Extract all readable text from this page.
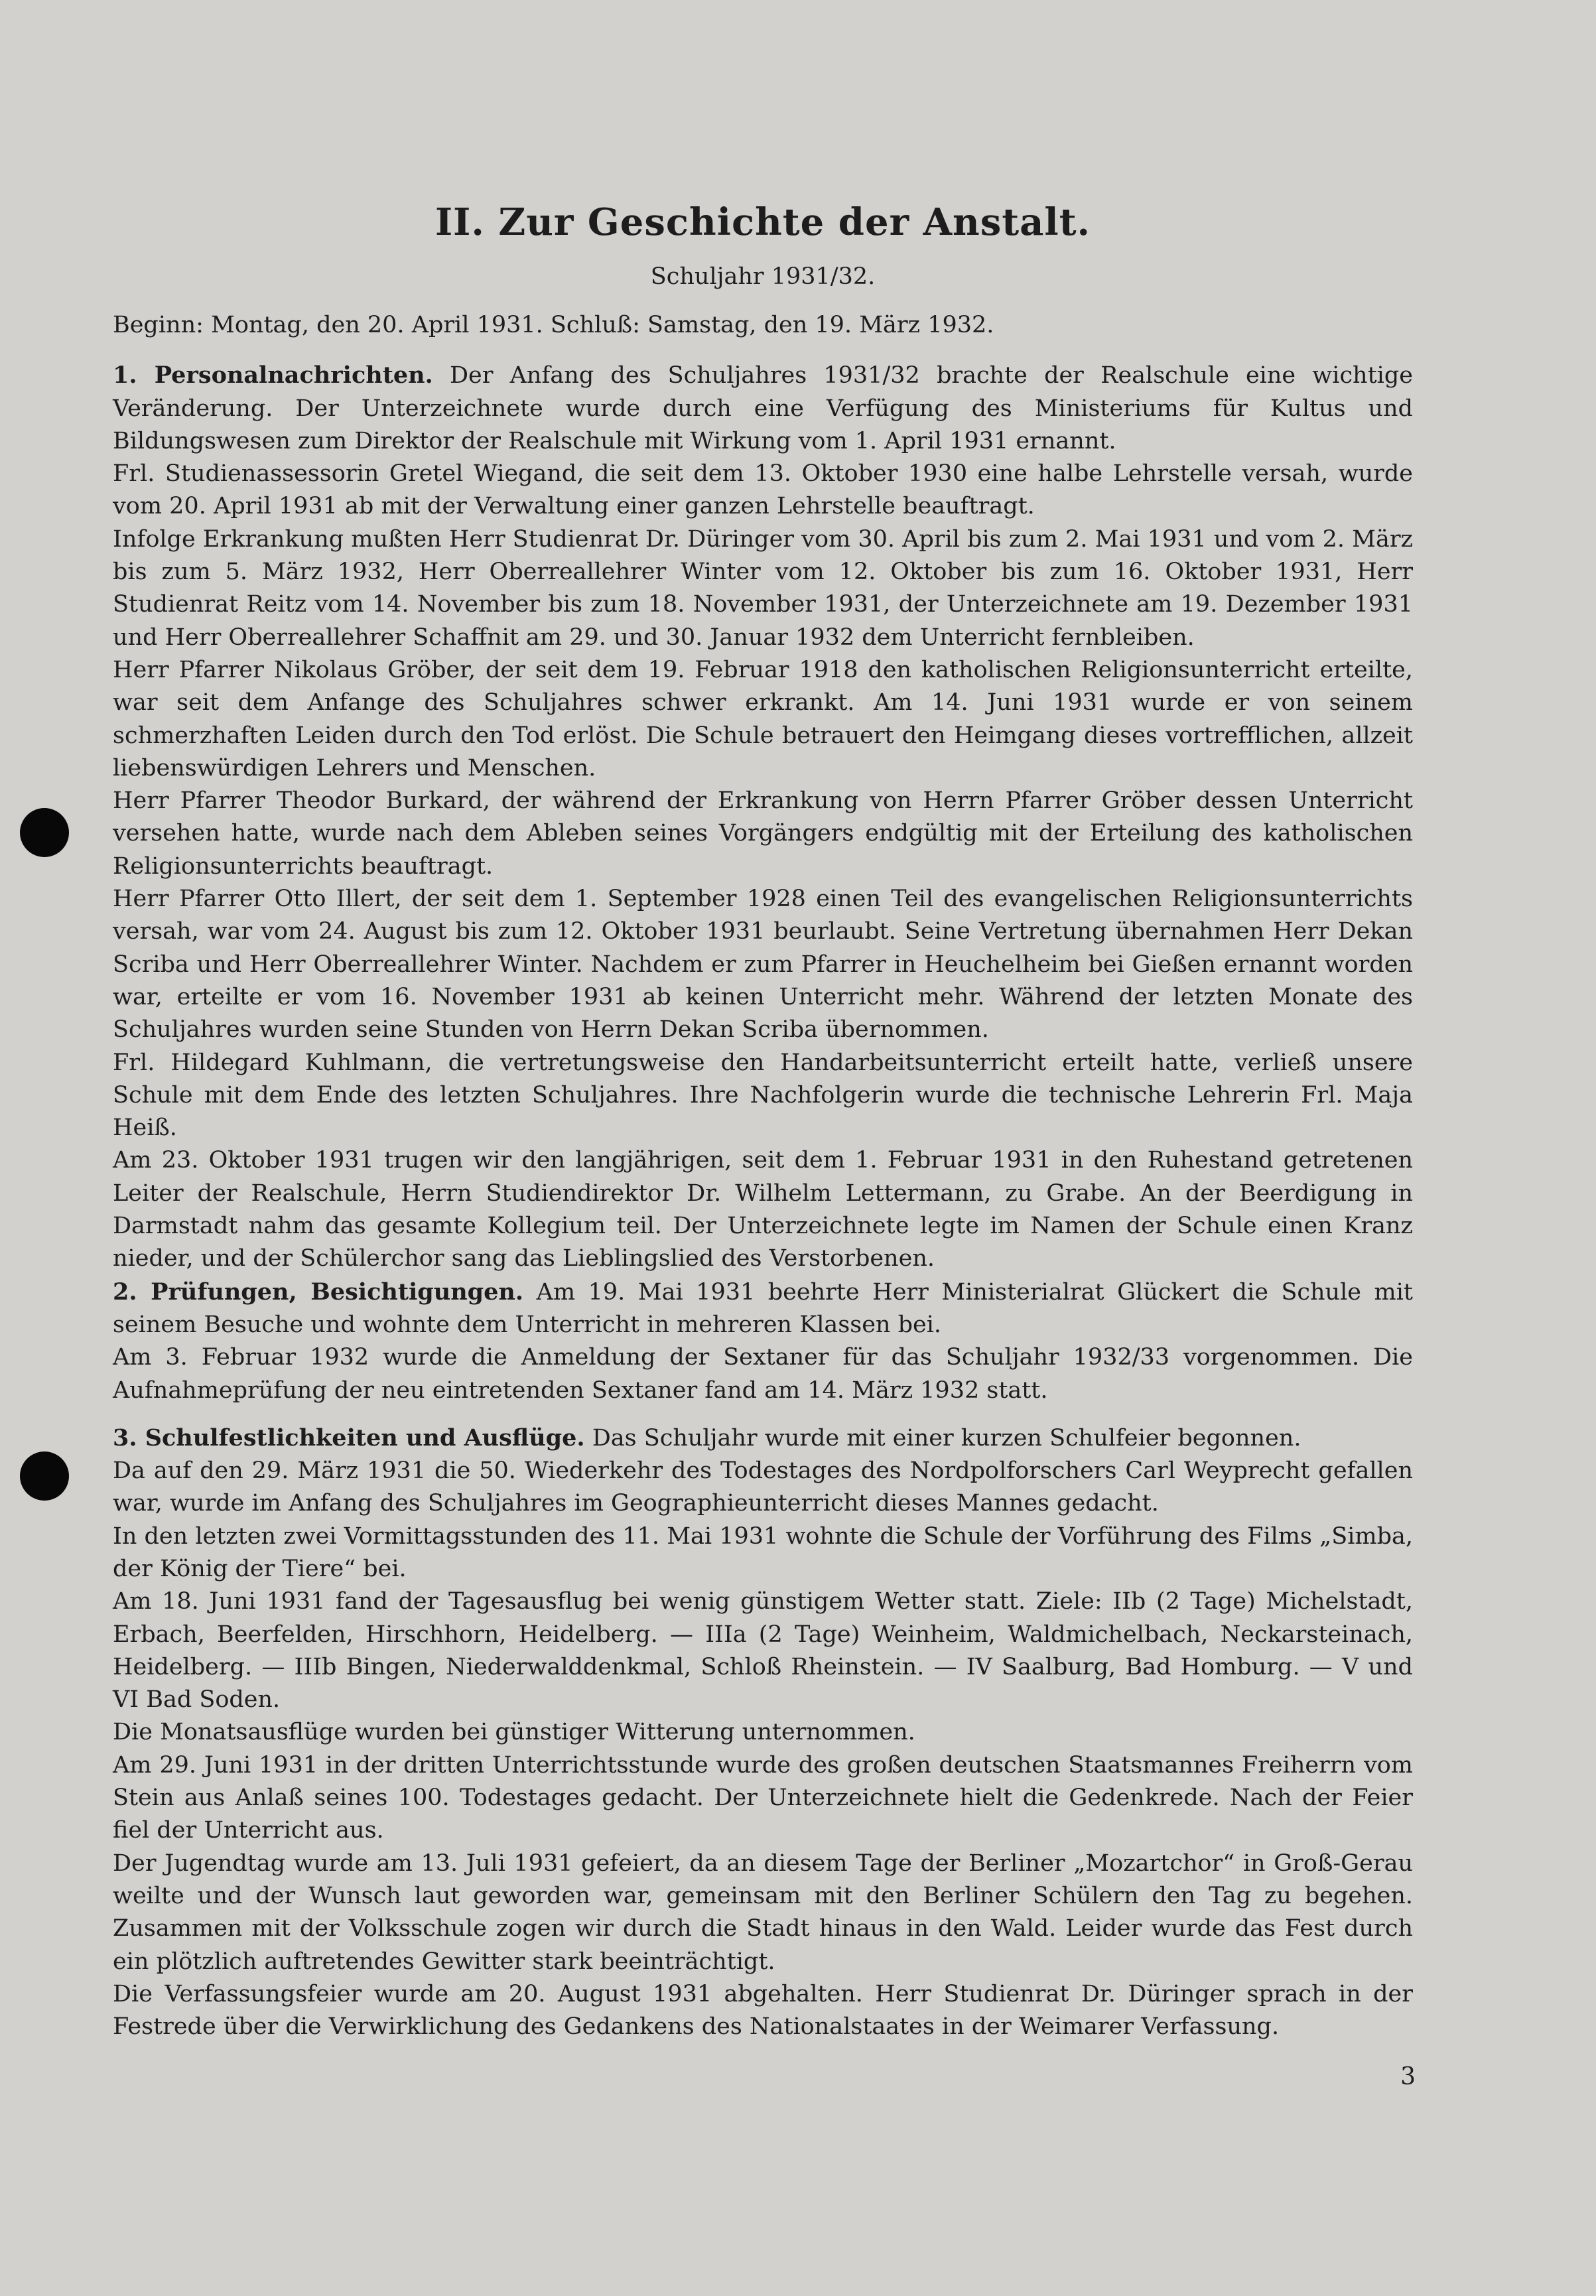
II. Zur Geschichte der Anstalt.
Schuljahr 1931/32.

Beginn: Montag, den 20. April 1931. Schluß: Samstag, den 19. März 1932.

1. Personalnachrichten. Der Anfang des Schuljahres 1931/32 brachte der Realschule eine wichtige Veränderung. Der Unterzeichnete wurde durch eine Verfügung des Ministeriums für Kultus und Bildungswesen zum Direktor der Realschule mit Wirkung vom 1. April 1931 ernannt.

Frl. Studienassessorin Gretel Wiegand, die seit dem 13. Oktober 1930 eine halbe Lehrstelle versah, wurde vom 20. April 1931 ab mit der Verwaltung einer ganzen Lehrstelle beauftragt.

Infolge Erkrankung mußten Herr Studienrat Dr. Düringer vom 30. April bis zum 2. Mai 1931 und vom 2. März bis zum 5. März 1932, Herr Oberreallehrer Winter vom 12. Oktober bis zum 16. Oktober 1931, Herr Studienrat Reitz vom 14. November bis zum 18. November 1931, der Unterzeichnete am 19. Dezember 1931 und Herr Oberreallehrer Schaffnit am 29. und 30. Januar 1932 dem Unterricht fernbleiben.

Herr Pfarrer Nikolaus Gröber, der seit dem 19. Februar 1918 den katholischen Religionsunterricht erteilte, war seit dem Anfange des Schuljahres schwer erkrankt. Am 14. Juni 1931 wurde er von seinem schmerzhaften Leiden durch den Tod erlöst. Die Schule betrauert den Heimgang dieses vortrefflichen, allzeit liebenswürdigen Lehrers und Menschen.

Herr Pfarrer Theodor Burkard, der während der Erkrankung von Herrn Pfarrer Gröber dessen Unterricht versehen hatte, wurde nach dem Ableben seines Vorgängers endgültig mit der Erteilung des katholischen Religionsunterrichts beauftragt.

Herr Pfarrer Otto Illert, der seit dem 1. September 1928 einen Teil des evangelischen Religionsunterrichts versah, war vom 24. August bis zum 12. Oktober 1931 beurlaubt. Seine Vertretung übernahmen Herr Dekan Scriba und Herr Oberreallehrer Winter. Nachdem er zum Pfarrer in Heuchelheim bei Gießen ernannt worden war, erteilte er vom 16. November 1931 ab keinen Unterricht mehr. Während der letzten Monate des Schuljahres wurden seine Stunden von Herrn Dekan Scriba übernommen.

Frl. Hildegard Kuhlmann, die vertretungsweise den Handarbeitsunterricht erteilt hatte, verließ unsere Schule mit dem Ende des letzten Schuljahres. Ihre Nachfolgerin wurde die technische Lehrerin Frl. Maja Heiß.

Am 23. Oktober 1931 trugen wir den langjährigen, seit dem 1. Februar 1931 in den Ruhestand getretenen Leiter der Realschule, Herrn Studiendirektor Dr. Wilhelm Lettermann, zu Grabe. An der Beerdigung in Darmstadt nahm das gesamte Kollegium teil. Der Unterzeichnete legte im Namen der Schule einen Kranz nieder, und der Schülerchor sang das Lieblingslied des Verstorbenen.

2. Prüfungen, Besichtigungen. Am 19. Mai 1931 beehrte Herr Ministerialrat Glückert die Schule mit seinem Besuche und wohnte dem Unterricht in mehreren Klassen bei.

Am 3. Februar 1932 wurde die Anmeldung der Sextaner für das Schuljahr 1932/33 vorgenommen. Die Aufnahmeprüfung der neu eintretenden Sextaner fand am 14. März 1932 statt.

3. Schulfestlichkeiten und Ausflüge. Das Schuljahr wurde mit einer kurzen Schulfeier begonnen.

Da auf den 29. März 1931 die 50. Wiederkehr des Todestages des Nordpolforschers Carl Weyprecht gefallen war, wurde im Anfang des Schuljahres im Geographieunterricht dieses Mannes gedacht.

In den letzten zwei Vormittagsstunden des 11. Mai 1931 wohnte die Schule der Vorführung des Films „Simba, der König der Tiere“ bei.

Am 18. Juni 1931 fand der Tagesausflug bei wenig günstigem Wetter statt. Ziele: IIb (2 Tage) Michelstadt, Erbach, Beerfelden, Hirschhorn, Heidelberg. — IIIa (2 Tage) Weinheim, Waldmichelbach, Neckarsteinach, Heidelberg. — IIIb Bingen, Niederwalddenkmal, Schloß Rheinstein. — IV Saalburg, Bad Homburg. — V und VI Bad Soden.

Die Monatsausflüge wurden bei günstiger Witterung unternommen.

Am 29. Juni 1931 in der dritten Unterrichtsstunde wurde des großen deutschen Staatsmannes Freiherrn vom Stein aus Anlaß seines 100. Todestages gedacht. Der Unterzeichnete hielt die Gedenkrede. Nach der Feier fiel der Unterricht aus.

Der Jugendtag wurde am 13. Juli 1931 gefeiert, da an diesem Tage der Berliner „Mozartchor“ in Groß-Gerau weilte und der Wunsch laut geworden war, gemeinsam mit den Berliner Schülern den Tag zu begehen. Zusammen mit der Volksschule zogen wir durch die Stadt hinaus in den Wald. Leider wurde das Fest durch ein plötzlich auftretendes Gewitter stark beeinträchtigt.

Die Verfassungsfeier wurde am 20. August 1931 abgehalten. Herr Studienrat Dr. Düringer sprach in der Festrede über die Verwirklichung des Gedankens des Nationalstaates in der Weimarer Verfassung.

3
